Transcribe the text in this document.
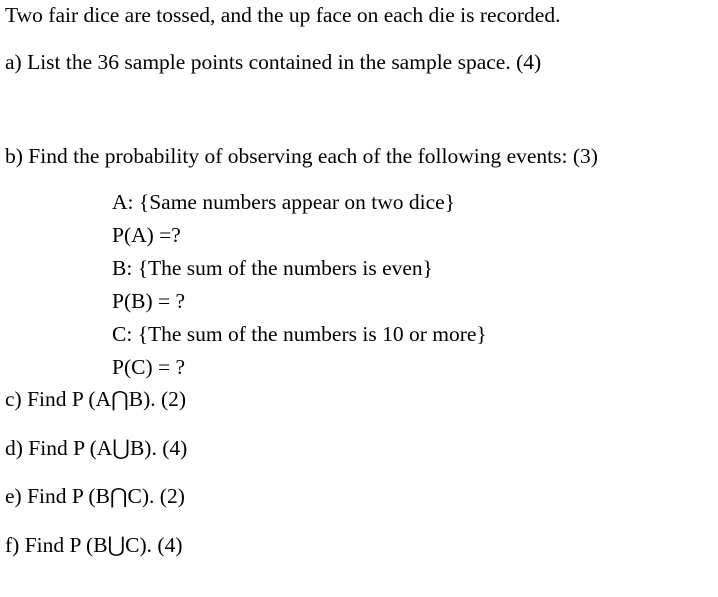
Two fair dice are tossed, and the up face on each die is recorded.
a) List the 36 sample points contained in the sample space. (4)
b) Find the probability of observing each of the following events: (3)
A: {Same numbers appear on two dice}
P(A) =?
B: {The sum of the numbers is even}
P(B) = ?
C: {The sum of the numbers is 10 or more}
P(C) = ?
c) Find P (A⋂B). (2)
d) Find P (A⋃B). (4)
e) Find P (B⋂C). (2)
f) Find P (B⋃C). (4)
